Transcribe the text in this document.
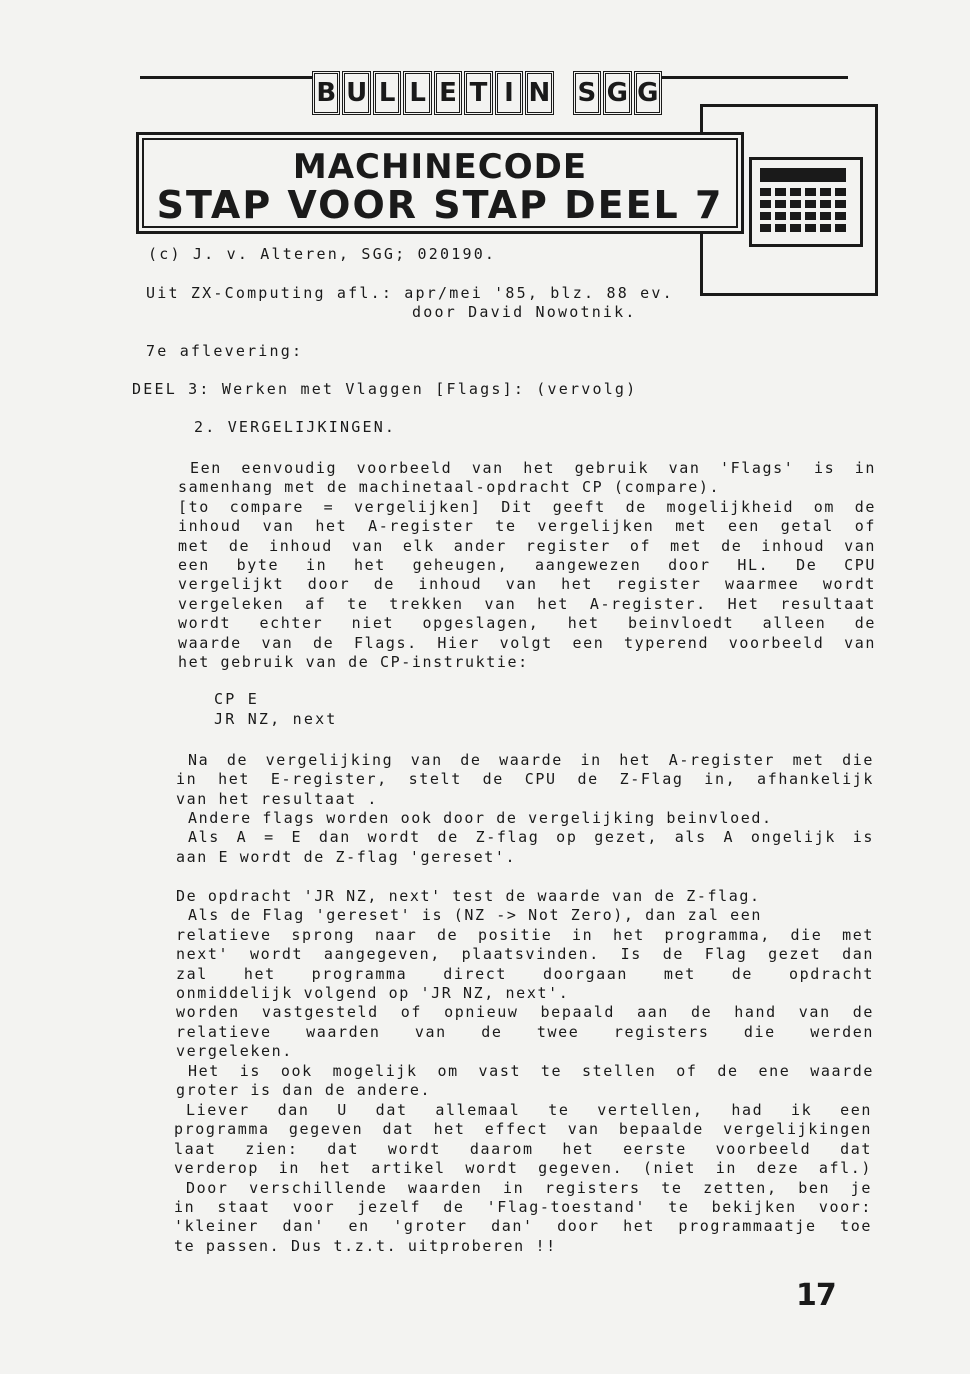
B U L L E T I N S G G
MACHINECODE
STAP VOOR STAP DEEL 7
(c) J. v. Alteren, SGG; 020190.
Uit ZX-Computing afl.: apr/mei '85, blz. 88 ev.
door David Nowotnik.
7e aflevering:
DEEL 3: Werken met Vlaggen [Flags]: (vervolg)
2. VERGELIJKINGEN.
Een eenvoudig voorbeeld van het gebruik van 'Flags' is in
samenhang met de machinetaal-opdracht CP (compare).
[to compare = vergelijken] Dit geeft de mogelijkheid om de
inhoud van het A-register te vergelijken met een getal of
met de inhoud van elk ander register of met de inhoud van
een byte in het geheugen, aangewezen door HL. De CPU
vergelijkt door de inhoud van het register waarmee wordt
vergeleken af te trekken van het A-register. Het resultaat
wordt echter niet opgeslagen, het beinvloedt alleen de
waarde van de Flags. Hier volgt een typerend voorbeeld van
het gebruik van de CP-instruktie:
CP E
JR NZ, next
Na de vergelijking van de waarde in het A-register met die
in het E-register, stelt de CPU de Z-Flag in, afhankelijk
van het resultaat .
Andere flags worden ook door de vergelijking beinvloed.
Als A = E dan wordt de Z-flag op gezet, als A ongelijk is
aan E wordt de Z-flag 'gereset'.
De opdracht 'JR NZ, next' test de waarde van de Z-flag.
Als de Flag 'gereset' is (NZ -> Not Zero), dan zal een
relatieve sprong naar de positie in het programma, die met
next' wordt aangegeven, plaatsvinden. Is de Flag gezet dan
zal het programma direct doorgaan met de opdracht
onmiddelijk volgend op 'JR NZ, next'.
worden vastgesteld of opnieuw bepaald aan de hand van de
relatieve waarden van de twee registers die werden
vergeleken.
Het is ook mogelijk om vast te stellen of de ene waarde
groter is dan de andere.
Liever dan U dat allemaal te vertellen, had ik een
programma gegeven dat het effect van bepaalde vergelijkingen
laat zien: dat wordt daarom het eerste voorbeeld dat
verderop in het artikel wordt gegeven. (niet in deze afl.)
Door verschillende waarden in registers te zetten, ben je
in staat voor jezelf de 'Flag-toestand' te bekijken voor:
'kleiner dan' en 'groter dan' door het programmaatje toe
te passen. Dus t.z.t. uitproberen !!
17
